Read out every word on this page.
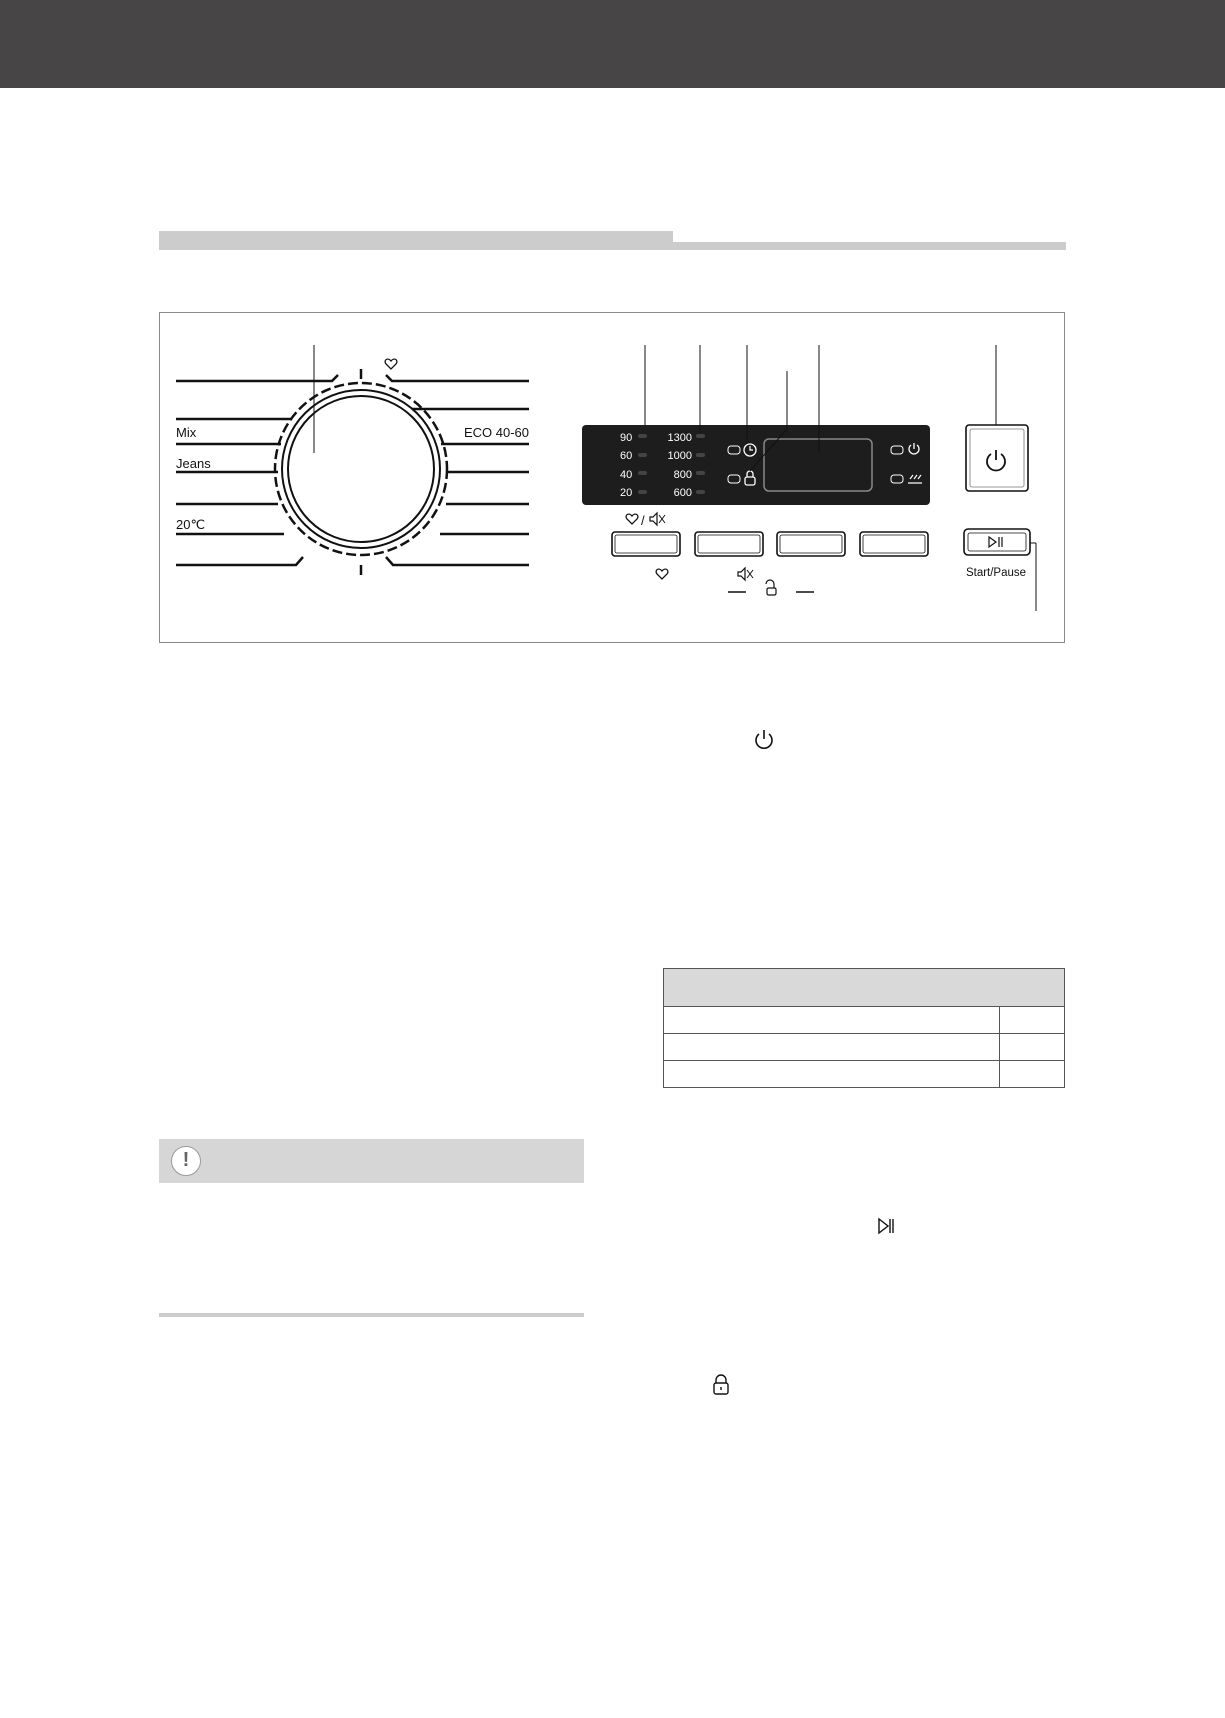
Mix
Jeans
20℃
ECO 40-60	90
60
40
20
1300
1000
800
600
/
Start/Pause

!
